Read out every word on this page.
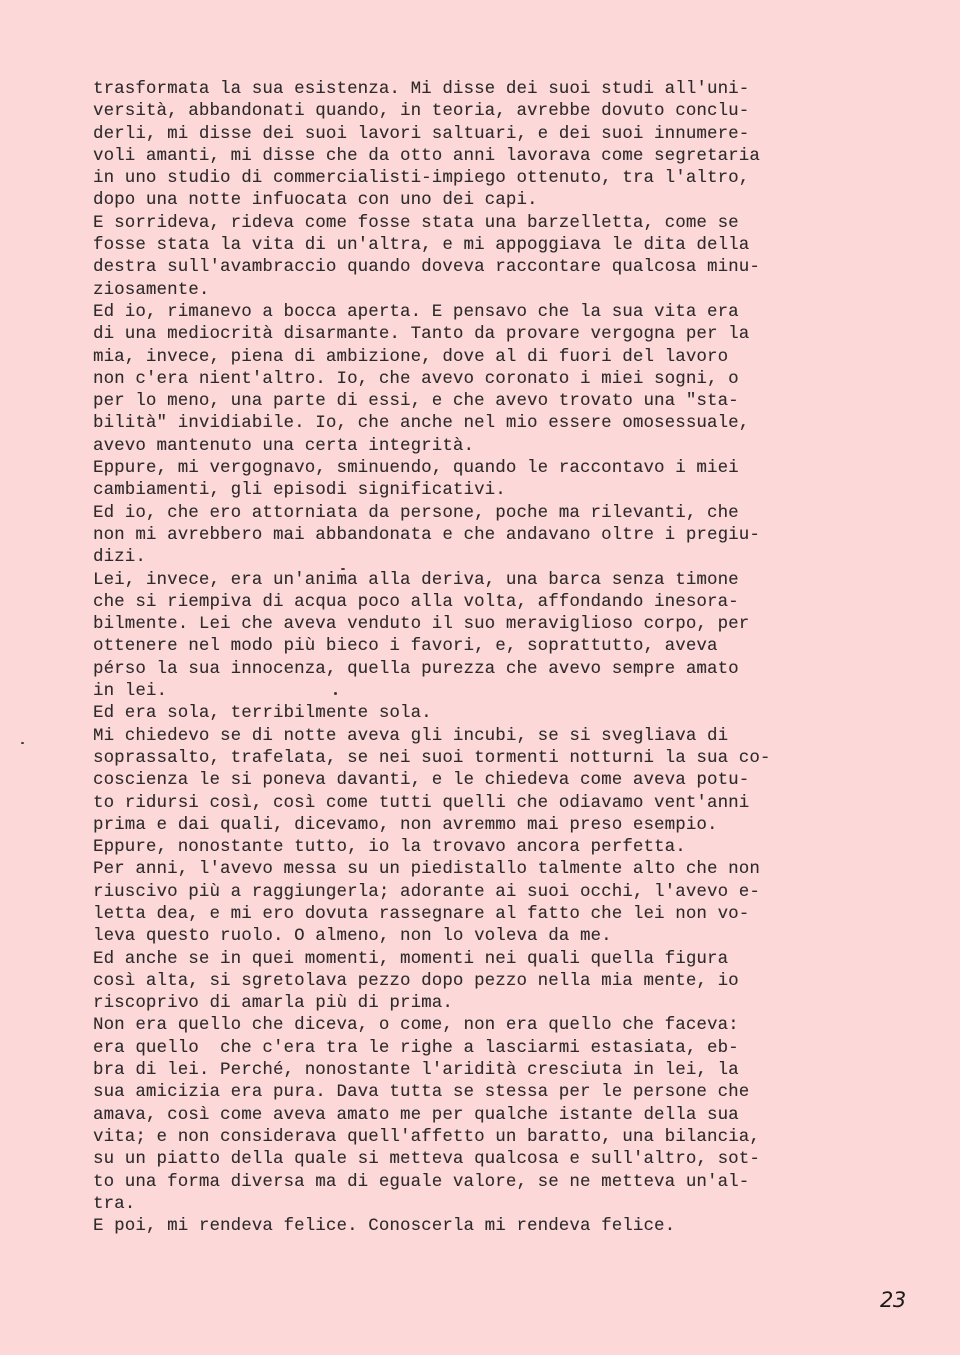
trasformata la sua esistenza. Mi disse dei suoi studi all'uni-
versità, abbandonati quando, in teoria, avrebbe dovuto conclu-
derli, mi disse dei suoi lavori saltuari, e dei suoi innumere-
voli amanti, mi disse che da otto anni lavorava come segretaria
in uno studio di commercialisti-impiego ottenuto, tra l'altro,
dopo una notte infuocata con uno dei capi.
E sorrideva, rideva come fosse stata una barzelletta, come se
fosse stata la vita di un'altra, e mi appoggiava le dita della
destra sull'avambraccio quando doveva raccontare qualcosa minu-
ziosamente.
Ed io, rimanevo a bocca aperta. E pensavo che la sua vita era
di una mediocrità disarmante. Tanto da provare vergogna per la
mia, invece, piena di ambizione, dove al di fuori del lavoro
non c'era nient'altro. Io, che avevo coronato i miei sogni, o
per lo meno, una parte di essi, e che avevo trovato una "sta-
bilità" invidiabile. Io, che anche nel mio essere omosessuale,
avevo mantenuto una certa integrità.
Eppure, mi vergognavo, sminuendo, quando le raccontavo i miei
cambiamenti, gli episodi significativi.
Ed io, che ero attorniata da persone, poche ma rilevanti, che
non mi avrebbero mai abbandonata e che andavano oltre i pregiu-
dizi.
Lei, invece, era un'anima alla deriva, una barca senza timone
che si riempiva di acqua poco alla volta, affondando inesora-
bilmente. Lei che aveva venduto il suo meraviglioso corpo, per
ottenere nel modo più bieco i favori, e, soprattutto, aveva
pérso la sua innocenza, quella purezza che avevo sempre amato
in lei.
Ed era sola, terribilmente sola.
Mi chiedevo se di notte aveva gli incubi, se si svegliava di
soprassalto, trafelata, se nei suoi tormenti notturni la sua co-
coscienza le si poneva davanti, e le chiedeva come aveva potu-
to ridursi così, così come tutti quelli che odiavamo vent'anni
prima e dai quali, dicevamo, non avremmo mai preso esempio.
Eppure, nonostante tutto, io la trovavo ancora perfetta.
Per anni, l'avevo messa su un piedistallo talmente alto che non
riuscivo più a raggiungerla; adorante ai suoi occhi, l'avevo e-
letta dea, e mi ero dovuta rassegnare al fatto che lei non vo-
leva questo ruolo. O almeno, non lo voleva da me.
Ed anche se in quei momenti, momenti nei quali quella figura
così alta, si sgretolava pezzo dopo pezzo nella mia mente, io
riscoprivo di amarla più di prima.
Non era quello che diceva, o come, non era quello che faceva:
era quello  che c'era tra le righe a lasciarmi estasiata, eb-
bra di lei. Perché, nonostante l'aridità cresciuta in lei, la
sua amicizia era pura. Dava tutta se stessa per le persone che
amava, così come aveva amato me per qualche istante della sua
vita; e non considerava quell'affetto un baratto, una bilancia,
su un piatto della quale si metteva qualcosa e sull'altro, sot-
to una forma diversa ma di eguale valore, se ne metteva un'al-
tra.
E poi, mi rendeva felice. Conoscerla mi rendeva felice.
23
